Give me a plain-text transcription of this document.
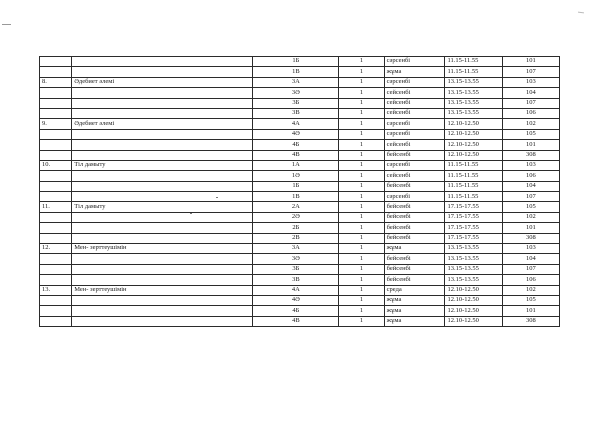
		1Б	1	сәрсенбі	11.15-11.55	101
		1В	1	жұма	11.15-11.55	107
8.	Әдебиет әлемі	3А	1	сәрсенбі	13.15-13.55	103
		3Ә	1	сейсенбі	13.15-13.55	104
		3Б	1	сейсенбі	13.15-13.55	107
		3В	1	сейсенбі	13.15-13.55	106
9.	Әдебиет әлемі	4А	1	сәрсенбі	12.10-12.50	102
		4Ә	1	сәрсенбі	12.10-12.50	105
		4Б	1	сейсенбі	12.10-12.50	101
		4В	1	бейсенбі	12.10-12.50	308
10.	Тіл дамыту	1А	1	сәрсенбі	11.15-11.55	103
		1Ә	1	сейсенбі	11.15-11.55	106
		1Б	1	бейсенбі	11.15-11.55	104
		1В	1	сәрсенбі	11.15-11.55	107
11.	Тіл дамыту	2А	1	бейсенбі	17.15-17.55	105
		2Ә	1	бейсенбі	17.15-17.55	102
		2Б	1	бейсенбі	17.15-17.55	101
		2В	1	бейсенбі	17.15-17.55	308
12.	Мен- зерттеушімін	3А	1	жұма	13.15-13.55	103
		3Ә	1	бейсенбі	13.15-13.55	104
		3Б	1	бейсенбі	13.15-13.55	107
		3В	1	бейсенбі	13.15-13.55	106
13.	Мен- зерттеушімін	4А	1	среда	12.10-12.50	102
		4Ә	1	жұма	12.10-12.50	105
		4Б	1	жұма	12.10-12.50	101
		4В	1	жұма	12.10-12.50	308
